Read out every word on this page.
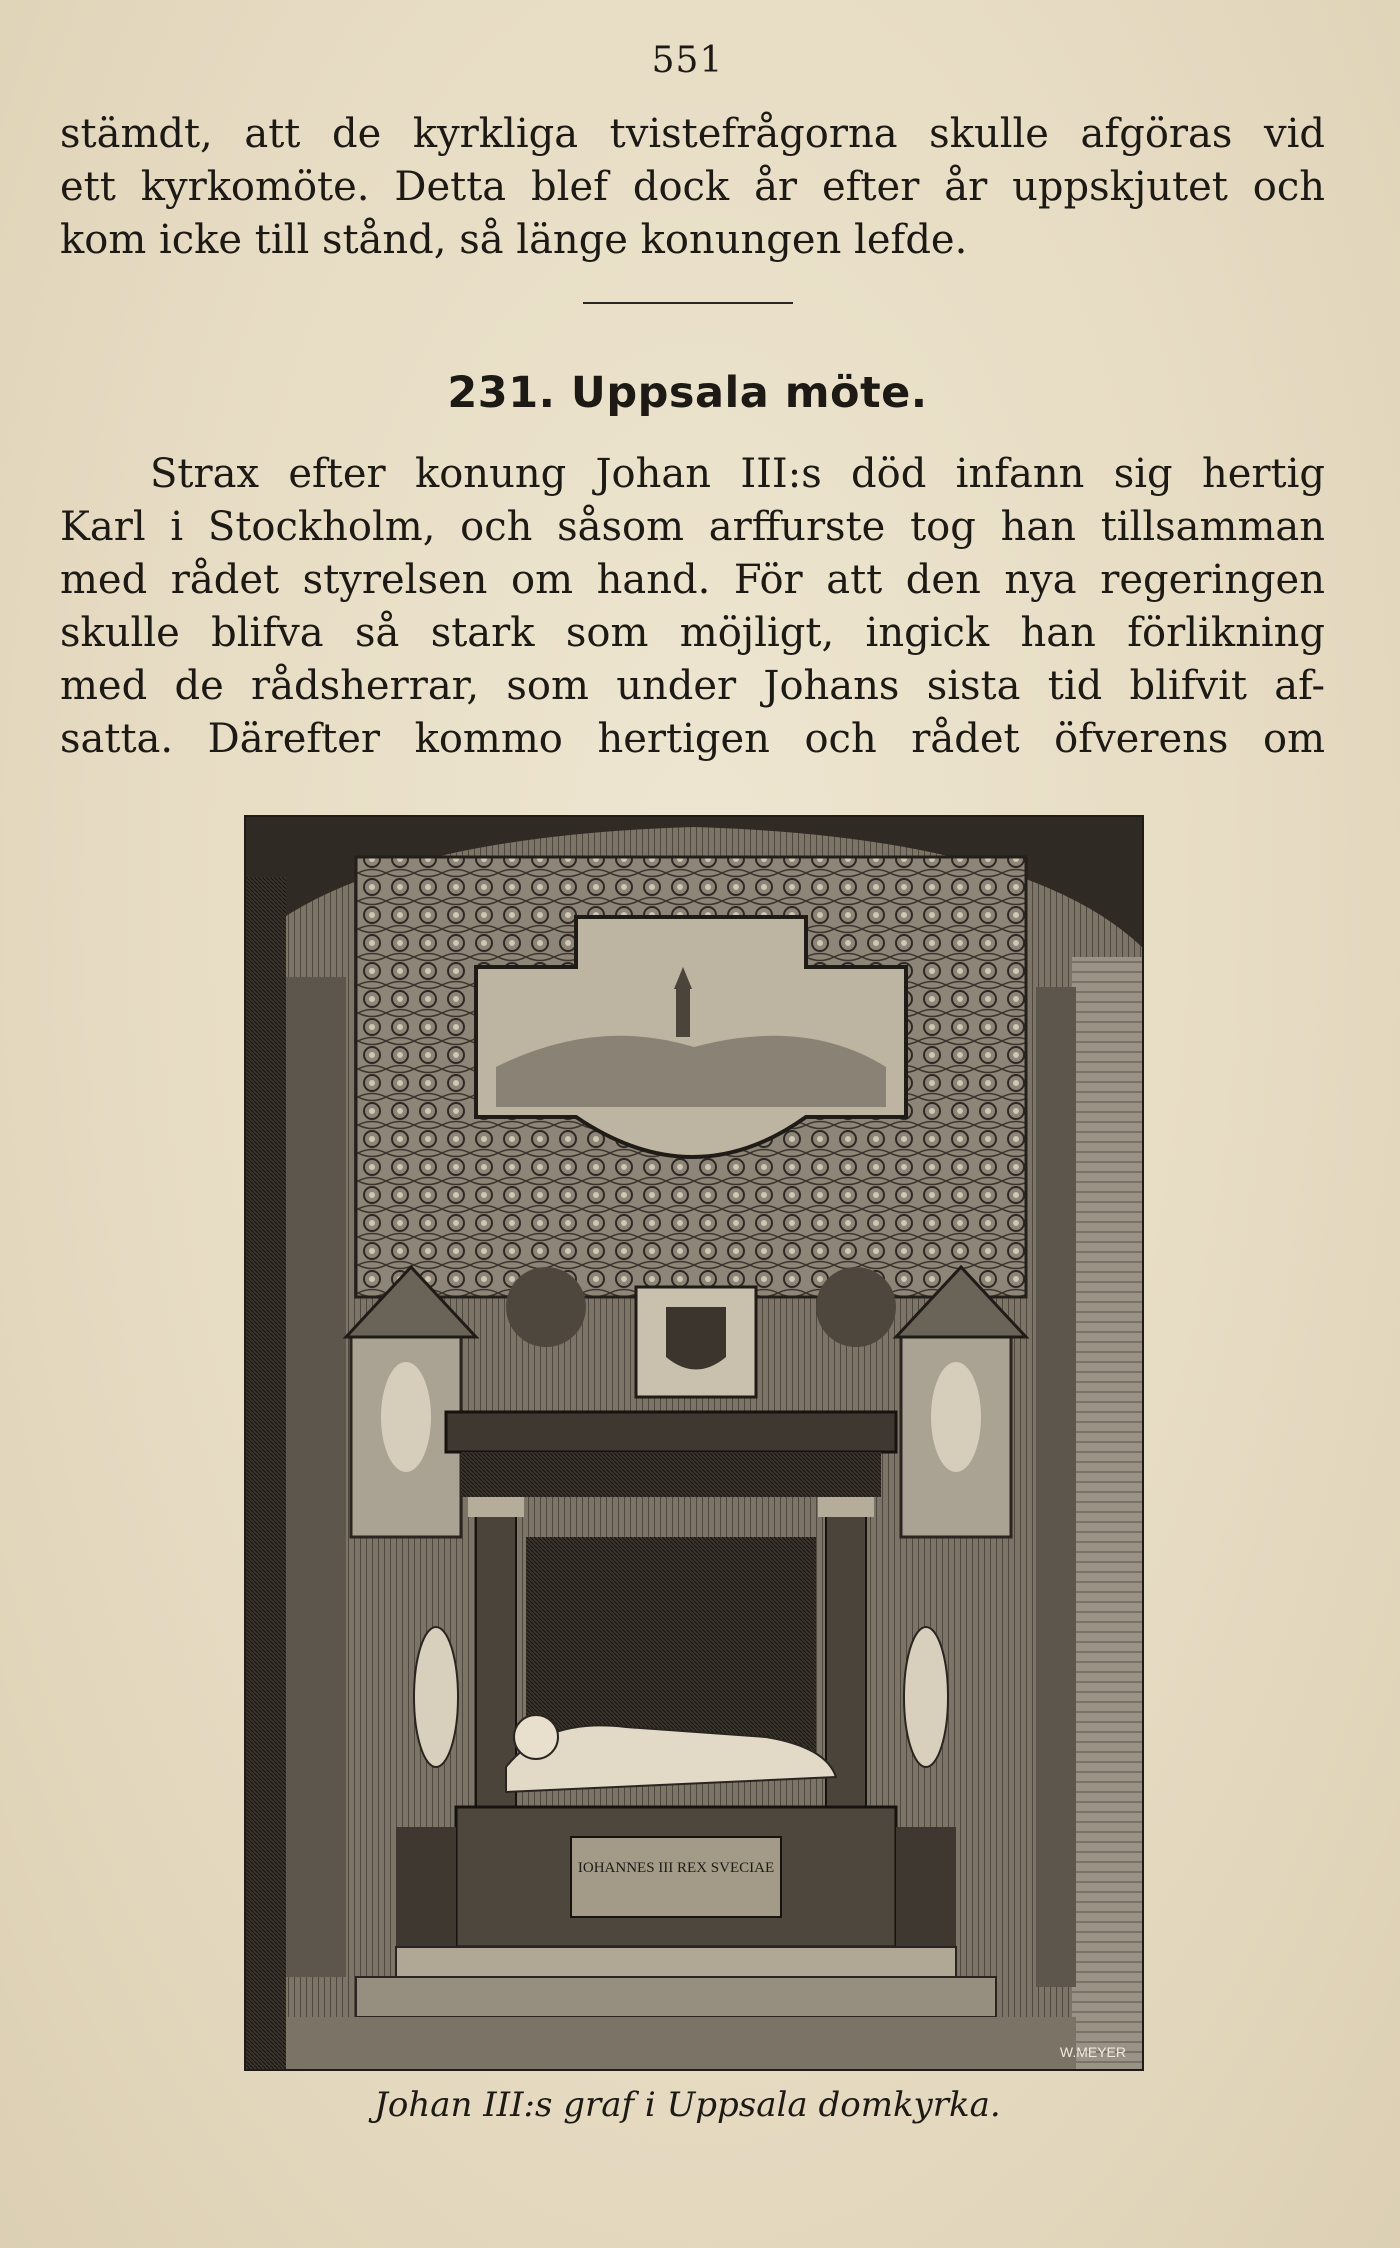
551
stämdt, att de kyrkliga tvistefrågorna skulle afgöras vid
ett kyrkomöte. Detta blef dock år efter år uppskjutet och
kom icke till stånd, så länge konungen lefde.
231. Uppsala möte.
Strax efter konung Johan III:s död infann sig hertig
Karl i Stockholm, och såsom arffurste tog han tillsamman
med rådet styrelsen om hand. För att den nya regeringen
skulle blifva så stark som möjligt, ingick han förlikning
med de rådsherrar, som under Johans sista tid blifvit af-
satta. Därefter kommo hertigen och rådet öfverens om
IOHANNES III REX SVECIAE
W.MEYER
Johan III:s graf i Uppsala domkyrka.
